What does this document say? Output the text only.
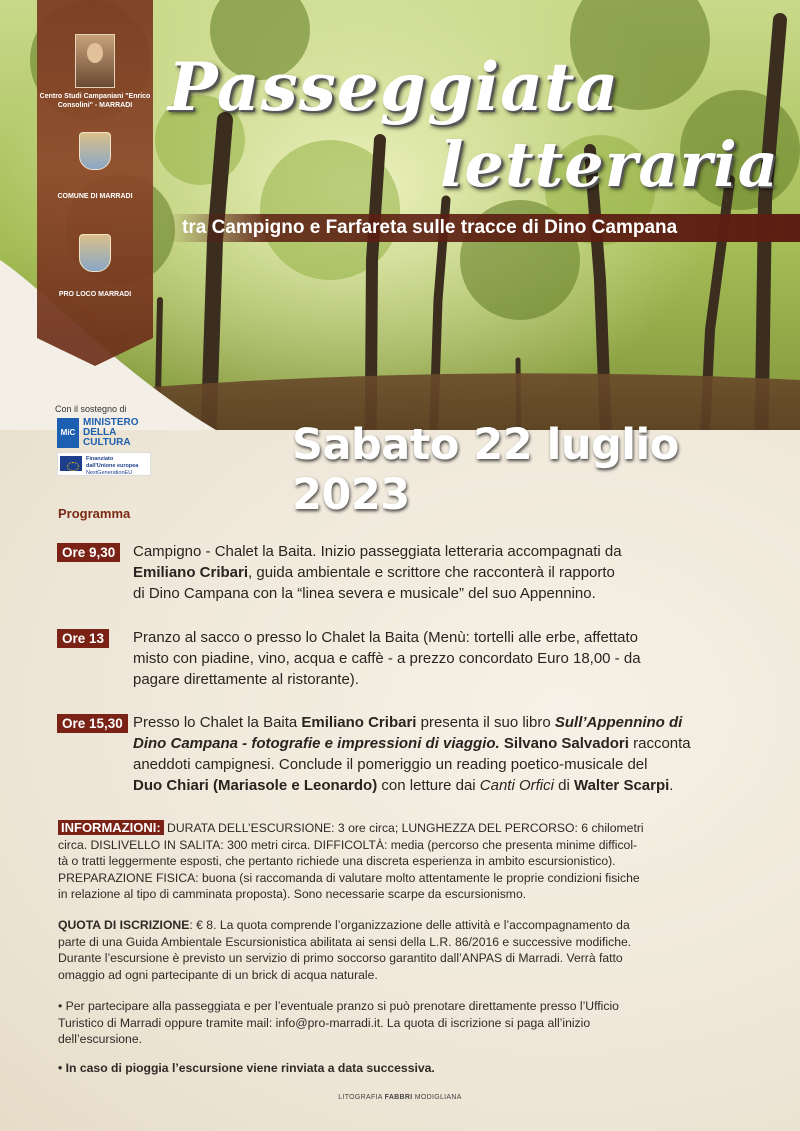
Centro Studi Campaniani "Enrico Consolini" - MARRADI
COMUNE DI MARRADI
PRO LOCO MARRADI
Passeggiata
letteraria
tra Campigno e Farfareta sulle tracce di Dino Campana
Con il sostegno di
MiC
MINISTERO
DELLA
CULTURA
Finanziato
dall'Unione europea
NextGenerationEU
Sabato 22 luglio 2023
Programma
Ore 9,30	Campigno - Chalet la Baita. Inizio passeggiata letteraria accompagnati da
Emiliano Cribari, guida ambientale e scrittore che racconterà il rapporto
di Dino Campana con la “linea severa e musicale” del suo Appennino.
Ore 13	Pranzo al sacco o presso lo Chalet la Baita (Menù: tortelli alle erbe, affettato
misto con piadine, vino, acqua e caffè - a prezzo concordato Euro 18,00 - da
pagare direttamente al ristorante).
Ore 15,30 Presso lo Chalet la Baita Emiliano Cribari presenta il suo libro Sull’Appennino di
Dino Campana - fotografie e impressioni di viaggio. Silvano Salvadori racconta
aneddoti campignesi. Conclude il pomeriggio un reading poetico-musicale del
Duo Chiari (Mariasole e Leonardo) con letture dai Canti Orfici di Walter Scarpi.
INFORMAZIONI: DURATA DELL’ESCURSIONE: 3 ore circa; LUNGHEZZA DEL PERCORSO: 6 chilometri
circa. DISLIVELLO IN SALITA: 300 metri circa. DIFFICOLTÀ: media (percorso che presenta minime difficol-
tà o tratti leggermente esposti, che pertanto richiede una discreta esperienza in ambito escursionistico).
PREPARAZIONE FISICA: buona (si raccomanda di valutare molto attentamente le proprie condizioni fisiche
in relazione al tipo di camminata proposta). Sono necessarie scarpe da escursionismo.
QUOTA DI ISCRIZIONE: € 8. La quota comprende l’organizzazione delle attività e l’accompagnamento da
parte di una Guida Ambientale Escursionistica abilitata ai sensi della L.R. 86/2016 e successive modifiche.
Durante l’escursione è previsto un servizio di primo soccorso garantito dall’ANPAS di Marradi. Verrà fatto
omaggio ad ogni partecipante di un brick di acqua naturale.
• Per partecipare alla passeggiata e per l’eventuale pranzo si può prenotare direttamente presso l’Ufficio
Turistico di Marradi oppure tramite mail: info@pro-marradi.it. La quota di iscrizione si paga all’inizio
dell’escursione.
• In caso di pioggia l’escursione viene rinviata a data successiva.
LITOGRAFIA FABBRI MODIGLIANA
